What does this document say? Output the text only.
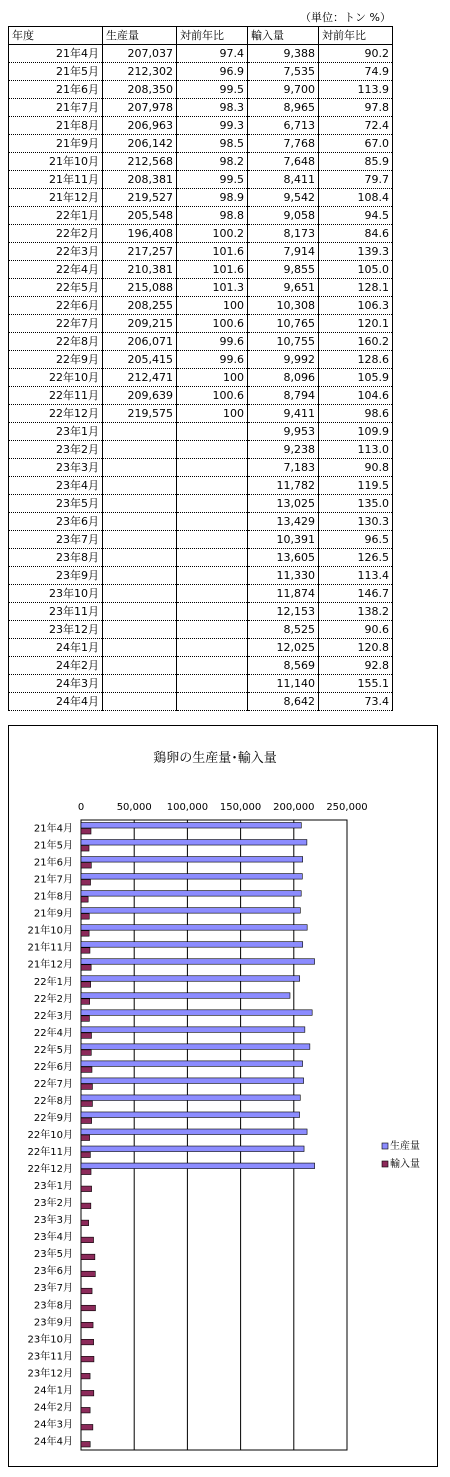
（単位：トン %）
年度	生産量	対前年比	輸入量	対前年比
21年4月	207,037	97.4	9,388	90.2
21年5月	212,302	96.9	7,535	74.9
21年6月	208,350	99.5	9,700	113.9
21年7月	207,978	98.3	8,965	97.8
21年8月	206,963	99.3	6,713	72.4
21年9月	206,142	98.5	7,768	67.0
21年10月	212,568	98.2	7,648	85.9
21年11月	208,381	99.5	8,411	79.7
21年12月	219,527	98.9	9,542	108.4
22年1月	205,548	98.8	9,058	94.5
22年2月	196,408	100.2	8,173	84.6
22年3月	217,257	101.6	7,914	139.3
22年4月	210,381	101.6	9,855	105.0
22年5月	215,088	101.3	9,651	128.1
22年6月	208,255	100	10,308	106.3
22年7月	209,215	100.6	10,765	120.1
22年8月	206,071	99.6	10,755	160.2
22年9月	205,415	99.6	9,992	128.6
22年10月	212,471	100	8,096	105.9
22年11月	209,639	100.6	8,794	104.6
22年12月	219,575	100	9,411	98.6
23年1月			9,953	109.9
23年2月			9,238	113.0
23年3月			7,183	90.8
23年4月			11,782	119.5
23年5月			13,025	135.0
23年6月			13,429	130.3
23年7月			10,391	96.5
23年8月			13,605	126.5
23年9月			11,330	113.4
23年10月			11,874	146.7
23年11月			12,153	138.2
23年12月			8,525	90.6
24年1月			12,025	120.8
24年2月			8,569	92.8
24年3月			11,140	155.1
24年4月			8,642	73.4
鶏卵の生産量･輸入量
0	50,000 100,000 150,000 200,000 250,000
21年4月
21年5月
21年6月
21年7月
21年8月
21年9月
21年10月
21年11月
21年12月
22年1月
22年2月
22年3月
22年4月
22年5月
22年6月
22年7月
22年8月
22年9月
22年10月
22年11月
22年12月
23年1月
23年2月
23年3月
23年4月
23年5月
23年6月
23年7月
23年8月
23年9月
23年10月
23年11月
23年12月
24年1月
24年2月
24年3月
24年4月
生産量
輸入量
